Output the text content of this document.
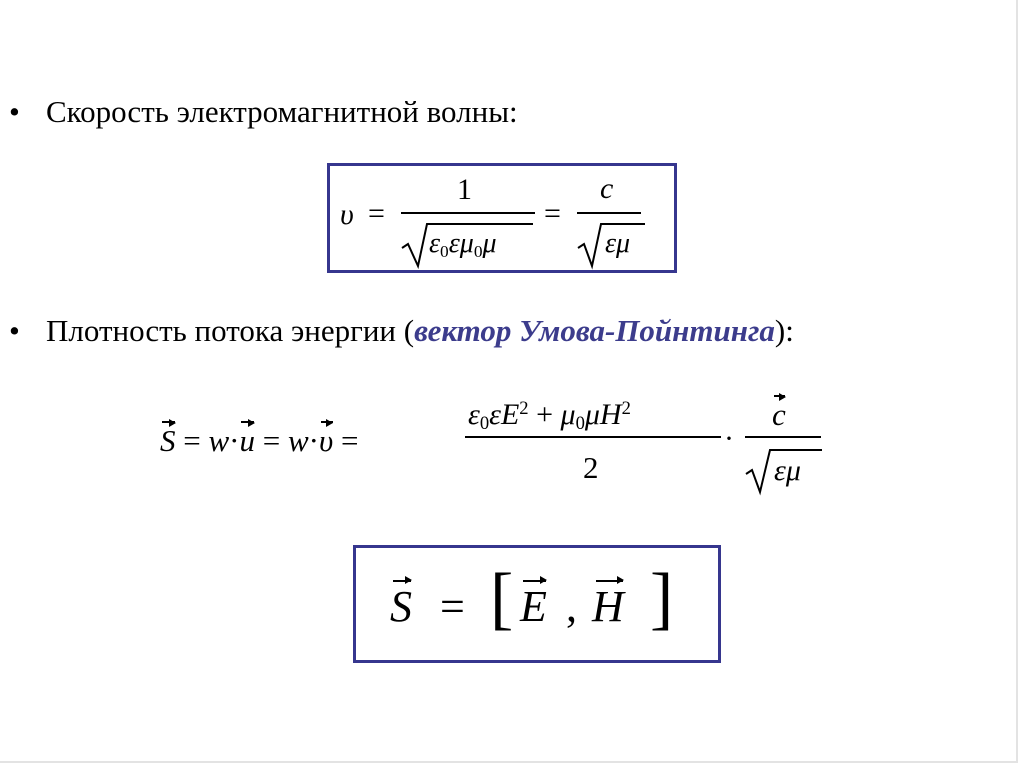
• Скорость электромагнитной волны:
υ =
1
ε0εμ0μ
=
c
εμ
• Плотность потока энергии (вектор Умова-Пойнтинга):
S = w·u = w·υ =
$\varepsilon 0\varepsilon E^2 + \mu 0\mu H^2$
2
·
c
εμ
S = [ E , H ]
